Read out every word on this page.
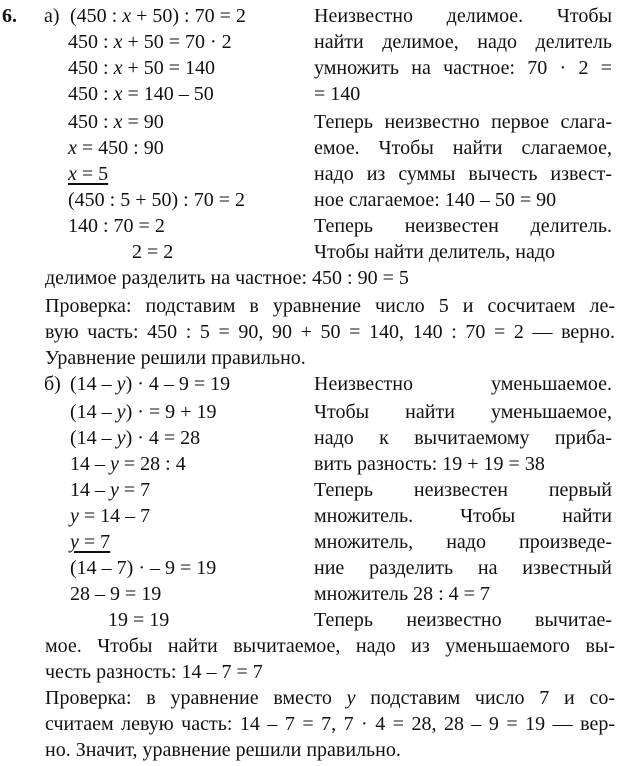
6. а) (450 : x + 50) : 70 = 2
450 : x + 50 = 70 · 2
450 : x + 50 = 140
450 : x = 140 – 50
450 : x = 90
x = 450 : 90
x = 5
(450 : 5 + 50) : 70 = 2
140 : 70 = 2
2 = 2
Неизвестно делимое. Чтобы
найти делимое, надо делитель
умножить на частное: 70 · 2 =
= 140
Теперь неизвестно первое слага-
емое. Чтобы найти слагаемое,
надо из суммы вычесть извест-
ное слагаемое: 140 – 50 = 90
Теперь неизвестен делитель.
Чтобы найти делитель, надо
делимое разделить на частное: 450 : 90 = 5
Проверка: подставим в уравнение число 5 и сосчитаем ле-
вую часть: 450 : 5 = 90, 90 + 50 = 140, 140 : 70 = 2 — верно.
Уравнение решили правильно.
б) (14 – y) · 4 – 9 = 19
(14 – y) · = 9 + 19
(14 – y) · 4 = 28
14 – y = 28 : 4
14 – y = 7
y = 14 – 7
y = 7
(14 – 7) · – 9 = 19
28 – 9 = 19
19 = 19
Неизвестно уменьшаемое.
Чтобы найти уменьшаемое,
надо к вычитаемому приба-
вить разность: 19 + 19 = 38
Теперь неизвестен первый
множитель. Чтобы найти
множитель, надо произведе-
ние разделить на известный
множитель 28 : 4 = 7
Теперь неизвестно вычитае-
мое. Чтобы найти вычитаемое, надо из уменьшаемого вы-
честь разность: 14 – 7 = 7
Проверка: в уравнение вместо y подставим число 7 и со-
считаем левую часть: 14 – 7 = 7, 7 · 4 = 28, 28 – 9 = 19 — вер-
но. Значит, уравнение решили правильно.
